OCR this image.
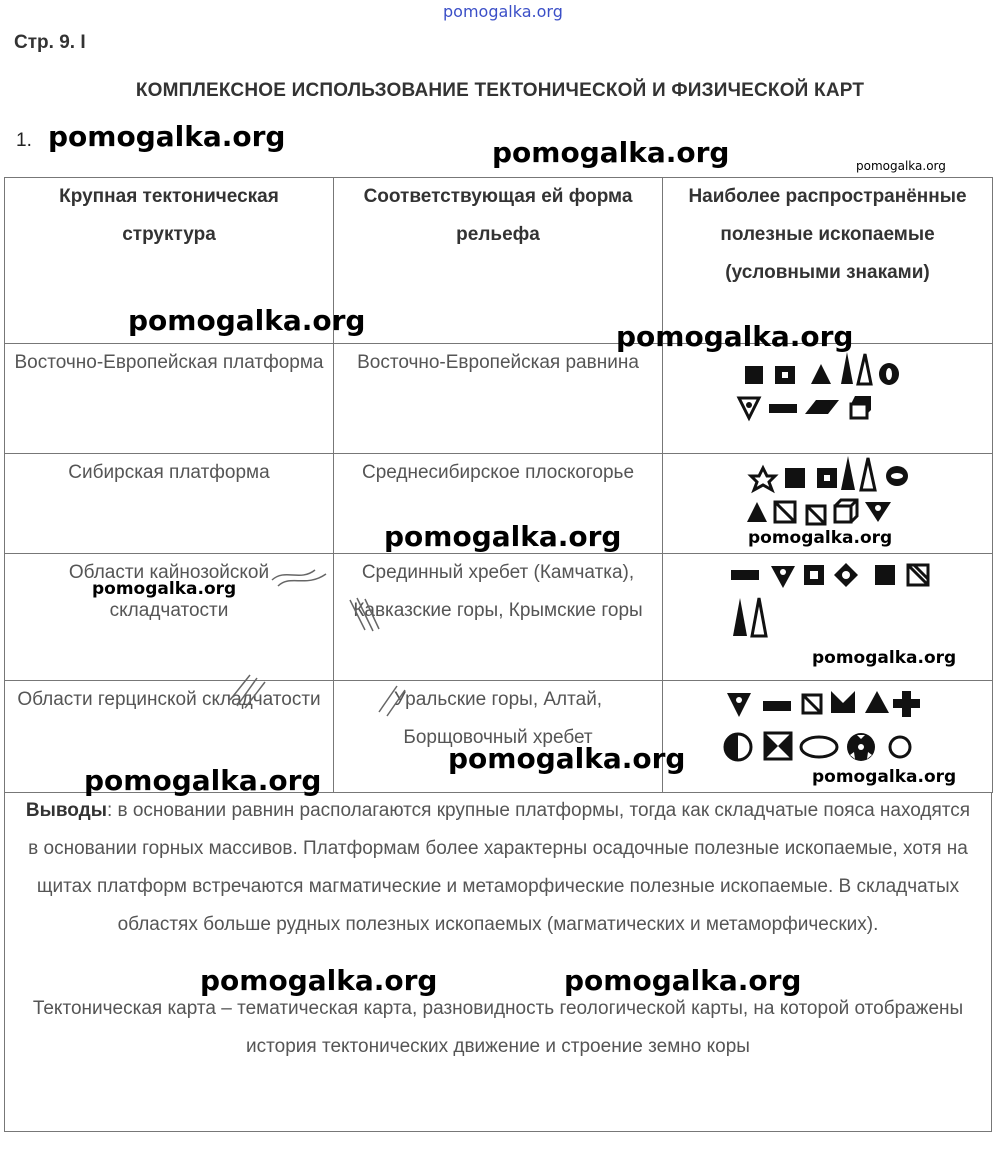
pomogalka.org
Стр. 9. I
КОМПЛЕКСНОЕ ИСПОЛЬЗОВАНИЕ ТЕКТОНИЧЕСКОЙ И ФИЗИЧЕСКОЙ КАРТ
1.
Крупная тектоническая структура	Соответствующая ей форма рельефа	Наиболее распространённые полезные ископаемые (условными знаками)
Восточно-Европейская платформа	Восточно-Европейская равнина	

Сибирская платформа	Среднесибирское плоскогорье	

Области кайнозойской складчатости	Срединный хребет (Камчатка), Кавказские горы, Крымские горы	

Области герцинской складчатости	Уральские горы, Алтай, Борщовочный хребет	
Выводы: в основании равнин располагаются крупные платформы, тогда как складчатые пояса находятся в основании горных массивов. Платформам более характерны осадочные полезные ископаемые, хотя на щитах платформ встречаются магматические и метаморфические полезные ископаемые. В складчатых областях больше рудных полезных ископаемых (магматических и метаморфических).
Тектоническая карта – тематическая карта, разновидность геологической карты, на которой отображены история тектонических движение и строение земно коры
pomogalka.org	pomogalka.org	pomogalka.org
pomogalka.org	pomogalka.org
pomogalka.org	pomogalka.org
pomogalka.org
pomogalka.org
pomogalka.org
pomogalka.org	pomogalka.org
pomogalka.org	pomogalka.org
